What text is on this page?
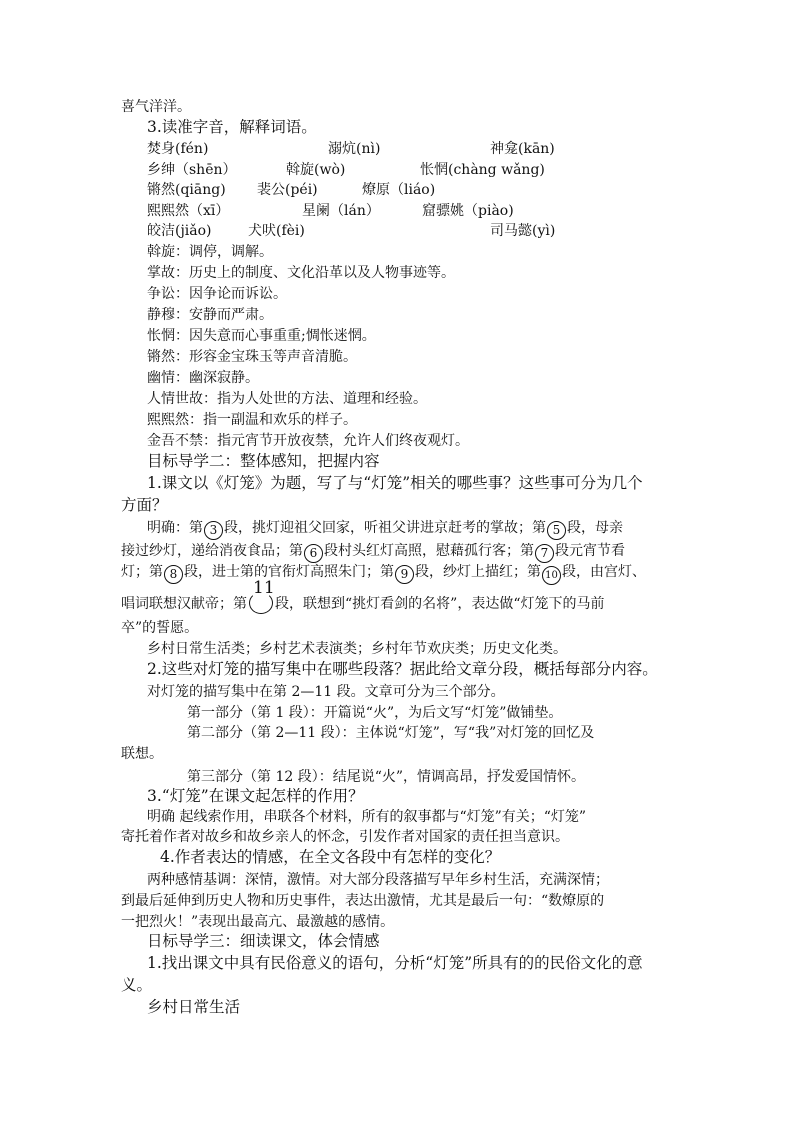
喜气洋洋。
3.读准字音，解释词语。
焚身(fén)	溺炕(nì)	神龛(kān)
乡绅（shēn）	斡旋(wò)	怅惘(chàng wǎng)
锵然(qiāng) 裴公(péi)	燎原（liáo)
熙熙然（xī）	星阑（lán）	窟骠姚（piào)
皎洁(jiǎo)	犬吠(fèi)	司马懿(yì)
斡旋：调停，调解。
掌故：历史上的制度、文化沿革以及人物事迹等。
争讼：因争论而诉讼。
静穆：安静而严肃。
怅惘：因失意而心事重重;惆怅迷惘。
锵然：形容金宝珠玉等声音清脆。
幽情：幽深寂静。
人情世故：指为人处世的方法、道理和经验。
熙熙然：指一副温和欢乐的样子。
金吾不禁：指元宵节开放夜禁，允许人们终夜观灯。
目标导学二：整体感知，把握内容
1.课文以《灯笼》为题，写了与“灯笼”相关的哪些事？这些事可分为几个
方面？
明确：第 3 段，挑灯迎祖父回家，听祖父讲进京赶考的掌故；第 5 段，母亲
接过纱灯，递给消夜食品；第 6 段村头红灯高照，慰藉孤行客；第 7 段元宵节看
灯；第 8 段，进士第的官衔灯高照朱门；第 9 段，纱灯上描红；第 10 段，由宫灯、
唱词联想汉献帝；第
11
段，联想到“挑灯看剑的名将”，表达做“灯笼下的马前
卒”的誓愿。
乡村日常生活类；乡村艺术表演类；乡村年节欢庆类；历史文化类。
2.这些对灯笼的描写集中在哪些段落？据此给文章分段，概括每部分内容。
对灯笼的描写集中在第 2—11 段。文章可分为三个部分。
第一部分（第 1 段）：开篇说“火”，为后文写“灯笼”做铺垫。
第二部分（第 2—11 段）：主体说“灯笼”，写“我”对灯笼的回忆及
联想。
第三部分（第 12 段）：结尾说“火”，情调高昂，抒发爱国情怀。
3.“灯笼”在课文起怎样的作用？
明确 起线索作用，串联各个材料，所有的叙事都与“灯笼”有关；“灯笼”
寄托着作者对故乡和故乡亲人的怀念，引发作者对国家的责任担当意识。
4.作者表达的情感，在全文各段中有怎样的变化？
两种感情基调：深情，激情。对大部分段落描写早年乡村生活，充满深情；
到最后延伸到历史人物和历史事件，表达出激情，尤其是最后一句：“数燎原的
一把烈火！”表现出最高亢、最激越的感情。
日标导学三：细读课文，体会情感
1.找出课文中具有民俗意义的语句，分析“灯笼”所具有的的民俗文化的意
义。
乡村日常生活
